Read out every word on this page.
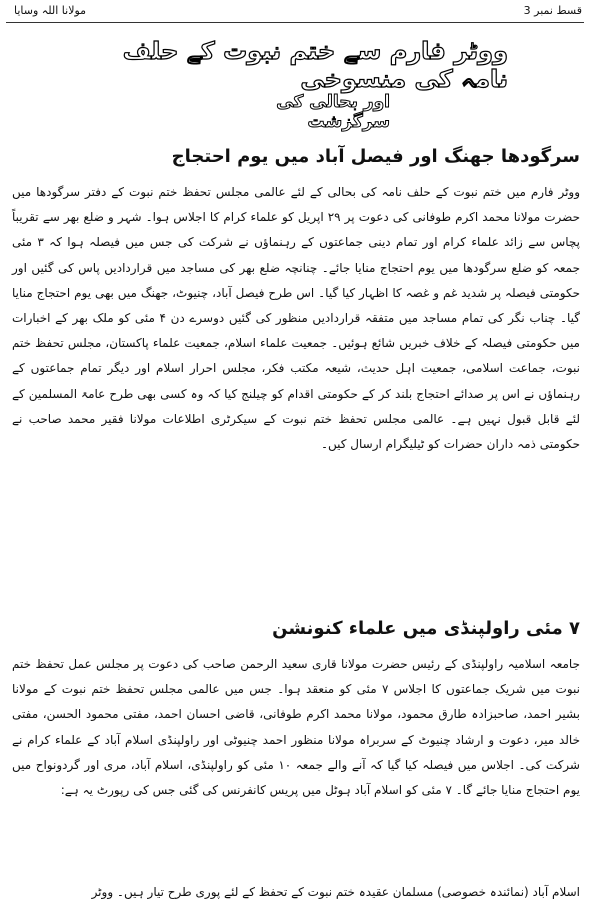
مولانا اللہ وسایا	قسط نمبر 3
ووٹر فارم سے ختم نبوت کے حلف نامہ کی منسوخی
اور بحالی کی سرگزشت
سرگودھا جھنگ اور فیصل آباد میں یوم احتجاج

ووٹر فارم میں ختم نبوت کے حلف نامہ کی بحالی کے لئے عالمی مجلس تحفظ ختم نبوت کے دفتر سرگودھا میں حضرت مولانا محمد اکرم طوفانی کی دعوت پر ۲۹ اپریل کو علماء کرام کا اجلاس ہوا۔ شہر و ضلع بھر سے تقریباً پچاس سے زائد علماء کرام اور تمام دینی جماعتوں کے رہنماؤں نے شرکت کی جس میں فیصلہ ہوا کہ ۳ مئی جمعہ کو ضلع سرگودھا میں یوم احتجاج منایا جائے۔ چنانچہ ضلع بھر کی مساجد میں قراردادیں پاس کی گئیں اور حکومتی فیصلہ پر شدید غم و غصہ کا اظہار کیا گیا۔ اس طرح فیصل آباد، چنیوٹ، جھنگ میں بھی یوم احتجاج منایا گیا۔ چناب نگر کی تمام مساجد میں متفقہ قراردادیں منظور کی گئیں دوسرے دن ۴ مئی کو ملک بھر کے اخبارات میں حکومتی فیصلہ کے خلاف خبریں شائع ہوئیں۔ جمعیت علماء اسلام، جمعیت علماء پاکستان، مجلس تحفظ ختم نبوت، جماعت اسلامی، جمعیت اہل حدیث، شیعہ مکتب فکر، مجلس احرار اسلام اور دیگر تمام جماعتوں کے رہنماؤں نے اس پر صدائے احتجاج بلند کر کے حکومتی اقدام کو چیلنج کیا کہ وہ کسی بھی طرح عامۃ المسلمین کے لئے قابل قبول نہیں ہے۔ عالمی مجلس تحفظ ختم نبوت کے سیکرٹری اطلاعات مولانا فقیر محمد صاحب نے حکومتی ذمہ داران حضرات کو ٹیلیگرام ارسال کیں۔

۷ مئی راولپنڈی میں علماء کنونشن

جامعہ اسلامیہ راولپنڈی کے رئیس حضرت مولانا قاری سعید الرحمن صاحب کی دعوت پر مجلس عمل تحفظ ختم نبوت میں شریک جماعتوں کا اجلاس ۷ مئی کو منعقد ہوا۔ جس میں عالمی مجلس تحفظ ختم نبوت کے مولانا بشیر احمد، صاحبزادہ طارق محمود، مولانا محمد اکرم طوفانی، قاضی احسان احمد، مفتی محمود الحسن، مفتی خالد میر، دعوت و ارشاد چنیوٹ کے سربراہ مولانا منظور احمد چنیوٹی اور راولپنڈی اسلام آباد کے علماء کرام نے شرکت کی۔ اجلاس میں فیصلہ کیا گیا کہ آنے والے جمعہ ۱۰ مئی کو راولپنڈی، اسلام آباد، مری اور گردونواح میں یوم احتجاج منایا جائے گا۔ ۷ مئی کو اسلام آباد ہوٹل میں پریس کانفرنس کی گئی جس کی رپورٹ یہ ہے:

اسلام آباد (نمائندہ خصوصی) مسلمان عقیدہ ختم نبوت کے تحفظ کے لئے پوری طرح تیار ہیں۔ ووٹر
